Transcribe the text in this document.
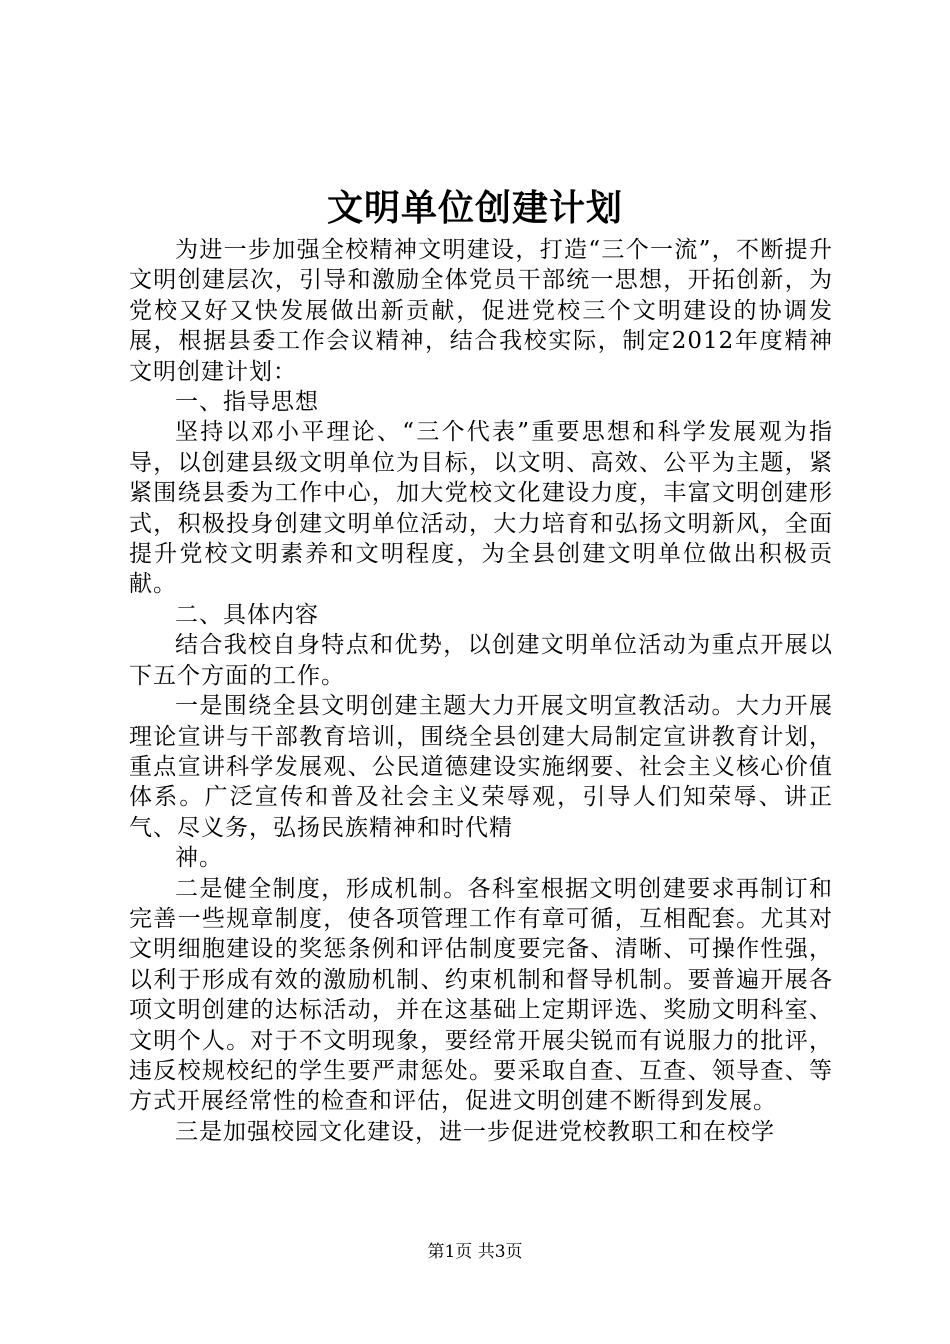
文明单位创建计划

为进一步加强全校精神文明建设，打造“三个一流”，不断提升文明创建层次，引导和激励全体党员干部统一思想，开拓创新，为党校又好又快发展做出新贡献，促进党校三个文明建设的协调发展，根据县委工作会议精神，结合我校实际，制定2012年度精神文明创建计划：

一、指导思想

坚持以邓小平理论、“三个代表”重要思想和科学发展观为指导，以创建县级文明单位为目标，以文明、高效、公平为主题，紧紧围绕县委为工作中心，加大党校文化建设力度，丰富文明创建形式，积极投身创建文明单位活动，大力培育和弘扬文明新风，全面提升党校文明素养和文明程度，为全县创建文明单位做出积极贡献。

二、具体内容

结合我校自身特点和优势，以创建文明单位活动为重点开展以下五个方面的工作。

一是围绕全县文明创建主题大力开展文明宣教活动。大力开展理论宣讲与干部教育培训，围绕全县创建大局制定宣讲教育计划，重点宣讲科学发展观、公民道德建设实施纲要、社会主义核心价值体系。广泛宣传和普及社会主义荣辱观，引导人们知荣辱、讲正气、尽义务，弘扬民族精神和时代精

神。

二是健全制度，形成机制。各科室根据文明创建要求再制订和完善一些规章制度，使各项管理工作有章可循，互相配套。尤其对文明细胞建设的奖惩条例和评估制度要完备、清晰、可操作性强，以利于形成有效的激励机制、约束机制和督导机制。要普遍开展各项文明创建的达标活动，并在这基础上定期评选、奖励文明科室、文明个人。对于不文明现象，要经常开展尖锐而有说服力的批评，违反校规校纪的学生要严肃惩处。要采取自查、互查、领导查、等方式开展经常性的检查和评估，促进文明创建不断得到发展。

三是加强校园文化建设，进一步促进党校教职工和在校学

第1页 共3页
